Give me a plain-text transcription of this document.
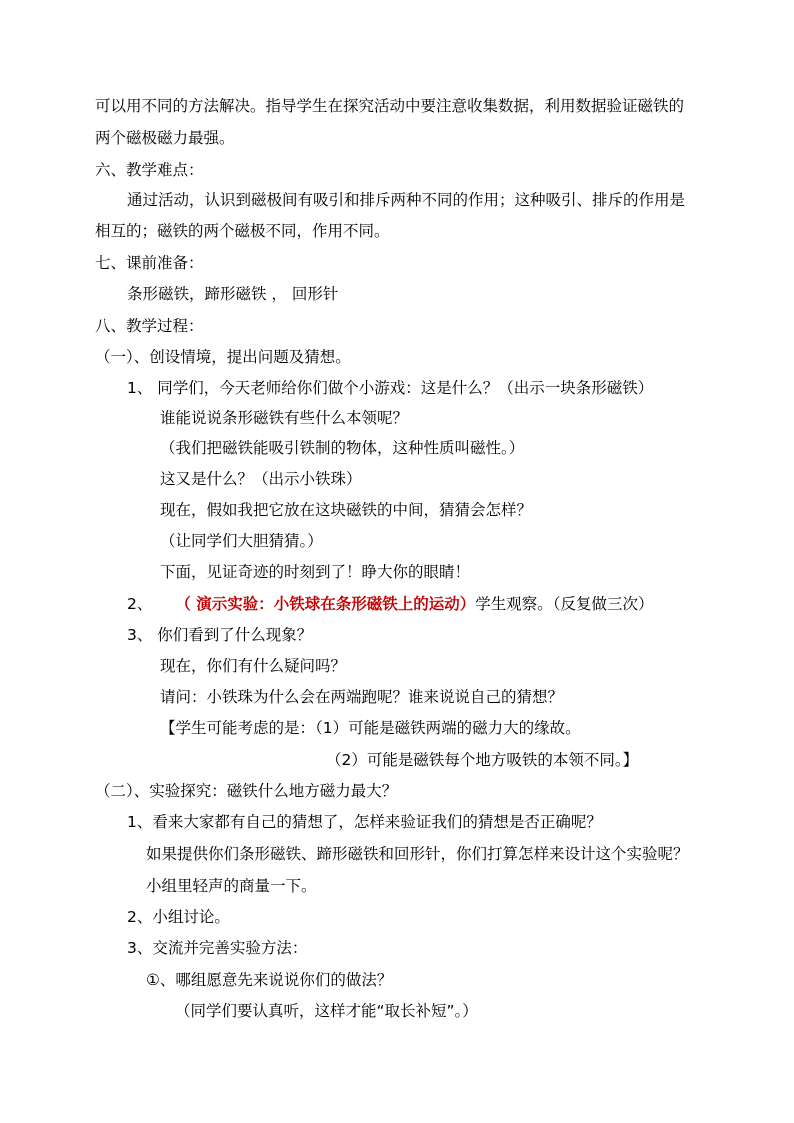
可以用不同的方法解决。指导学生在探究活动中要注意收集数据，利用数据验证磁铁的
两个磁极磁力最强。
六、教学难点：
通过活动，认识到磁极间有吸引和排斥两种不同的作用；这种吸引、排斥的作用是
相互的；磁铁的两个磁极不同，作用不同。
七、课前准备：
条形磁铁，蹄形磁铁 ， 回形针
八、教学过程：
（一）、创设情境，提出问题及猜想。
1、 同学们，今天老师给你们做个小游戏：这是什么？（出示一块条形磁铁）
谁能说说条形磁铁有些什么本领呢？
（我们把磁铁能吸引铁制的物体，这种性质叫磁性。）
这又是什么？（出示小铁珠）
现在，假如我把它放在这块磁铁的中间，猜猜会怎样？
（让同学们大胆猜猜。）
下面，见证奇迹的时刻到了！睁大你的眼睛！
2、 （ 演示实验：小铁球在条形磁铁上的运动）学生观察。（反复做三次）
3、 你们看到了什么现象？
现在，你们有什么疑问吗？
请问：小铁珠为什么会在两端跑呢？谁来说说自己的猜想？
【学生可能考虑的是：（1）可能是磁铁两端的磁力大的缘故。
（2）可能是磁铁每个地方吸铁的本领不同。】
（二）、实验探究：磁铁什么地方磁力最大？
1、看来大家都有自己的猜想了，怎样来验证我们的猜想是否正确呢？
如果提供你们条形磁铁、蹄形磁铁和回形针，你们打算怎样来设计这个实验呢？
小组里轻声的商量一下。
2、小组讨论。
3、交流并完善实验方法：
①、哪组愿意先来说说你们的做法？
（同学们要认真听，这样才能“取长补短”。）
